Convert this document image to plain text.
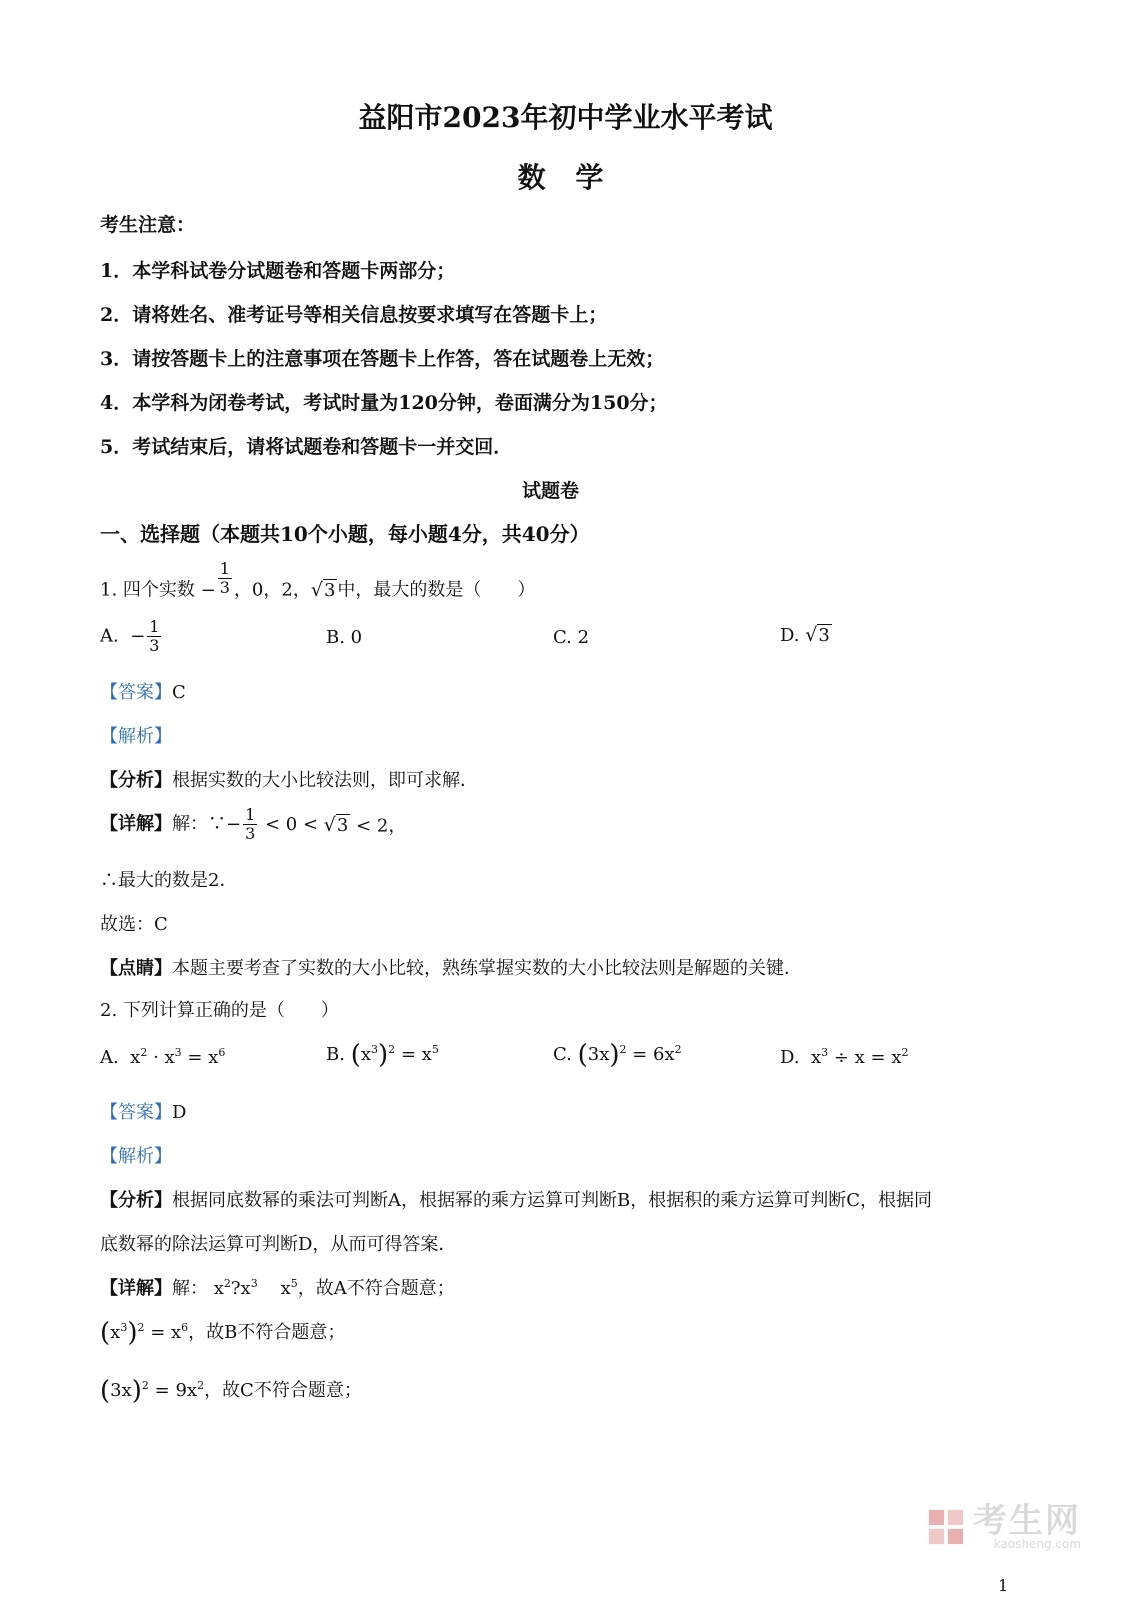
益阳市2023年初中学业水平考试
数 学
考生注意：
1．本学科试卷分试题卷和答题卡两部分；
2．请将姓名、准考证号等相关信息按要求填写在答题卡上；
3．请按答题卡上的注意事项在答题卡上作答，答在试题卷上无效；
4．本学科为闭卷考试，考试时量为120分钟，卷面满分为150分；
5．考试结束后，请将试题卷和答题卡一并交回．
试题卷
一、选择题（本题共10个小题，每小题4分，共40分）
1. 四个实数 − $\frac{1}{3}$ ，0，2，√3 中，最大的数是（　　）
A.  − $\frac{1}{3}$	B. 0	C. 2	D. √3
【答案】C
【解析】
【分析】根据实数的大小比较法则，即可求解．
【详解】解：∵− $\frac{1}{3} < 0 < √3 < 2$，
∴最大的数是2．
故选：C
【点睛】本题主要考查了实数的大小比较，熟练掌握实数的大小比较法则是解题的关键．
2. 下列计算正确的是（　　）
A.  $x^2 \cdot x^3 = x^6$	B. $(x^3)^2 = x^5$	C. $(3x)^2 = 6x^2$	D.  $x^3 \div x = x^2$
【答案】D
【解析】
【分析】根据同底数幂的乘法可判断A，根据幂的乘方运算可判断B，根据积的乘方运算可判断C，根据同
底数幂的除法运算可判断D，从而可得答案．
【详解】解： $x^2?x^3$    $x^5$，故A不符合题意；
$(x^3)^2 = x^6$，故B不符合题意；
$(3x)^2 = 9x^2$，故C不符合题意；
考生网
kaosheng.com
1
